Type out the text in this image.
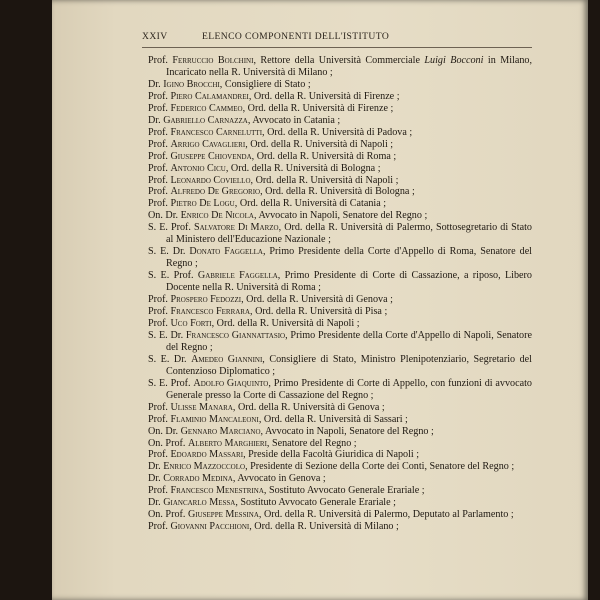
XXIV	ELENCO COMPONENTI DELL'ISTITUTO

Prof. Ferruccio Bolchini, Rettore della Università Commerciale Luigi Bocconi in Milano, Incaricato nella R. Università di Milano ;

Dr. Igino Brocchi, Consigliere di Stato ;

Prof. Piero Calamandrei, Ord. della R. Università di Firenze ;

Prof. Federico Cammeo, Ord. della R. Università di Firenze ;

Dr. Gabriello Carnazza, Avvocato in Catania ;

Prof. Francesco Carnelutti, Ord. della R. Università di Padova ;

Prof. Arrigo Cavaglieri, Ord. della R. Università di Napoli ;

Prof. Giuseppe Chiovenda, Ord. della R. Università di Roma ;

Prof. Antonio Cicu, Ord. della R. Università di Bologna ;

Prof. Leonardo Coviello, Ord. della R. Università di Napoli ;

Prof. Alfredo De Gregorio, Ord. della R. Università di Bologna ;

Prof. Pietro De Logu, Ord. della R. Università di Catania ;

On. Dr. Enrico De Nicola, Avvocato in Napoli, Senatore del Regno ;

S. E. Prof. Salvatore Di Marzo, Ord. della R. Università di Palermo, Sottosegretario di Stato al Ministero dell'Educazione Nazionale ;

S. E. Dr. Donato Faggella, Primo Presidente della Corte d'Appello di Roma, Senatore del Regno ;

S. E. Prof. Gabriele Faggella, Primo Presidente di Corte di Cassazione, a riposo, Libero Docente nella R. Università di Roma ;

Prof. Prospero Fedozzi, Ord. della R. Università di Genova ;

Prof. Francesco Ferrara, Ord. della R. Università di Pisa ;

Prof. Uco Forti, Ord. della R. Università di Napoli ;

S. E. Dr. Francesco Giannattasio, Primo Presidente della Corte d'Appello di Napoli, Senatore del Regno ;

S. E. Dr. Amedeo Giannini, Consigliere di Stato, Ministro Plenipotenziario, Segretario del Contenzioso Diplomatico ;

S. E. Prof. Adolfo Giaquinto, Primo Presidente di Corte di Appello, con funzioni di avvocato Generale presso la Corte di Cassazione del Regno ;

Prof. Ulisse Manara, Ord. della R. Università di Genova ;

Prof. Flaminio Mancaleoni, Ord. della R. Università di Sassari ;

On. Dr. Gennaro Marciano, Avvocato in Napoli, Senatore del Regno ;

On. Prof. Alberto Marghieri, Senatore del Regno ;

Prof. Edoardo Massari, Preside della Facoltà Giuridica di Napoli ;

Dr. Enrico Mazzoccolo, Presidente di Sezione della Corte dei Conti, Senatore del Regno ;

Dr. Corrado Medina, Avvocato in Genova ;

Prof. Francesco Menestrina, Sostituto Avvocato Generale Erariale ;

Dr. Giancarlo Messa, Sostituto Avvocato Generale Erariale ;

On. Prof. Giuseppe Messina, Ord. della R. Università di Palermo, Deputato al Parlamento ;

Prof. Giovanni Pacchioni, Ord. della R. Università di Milano ;
